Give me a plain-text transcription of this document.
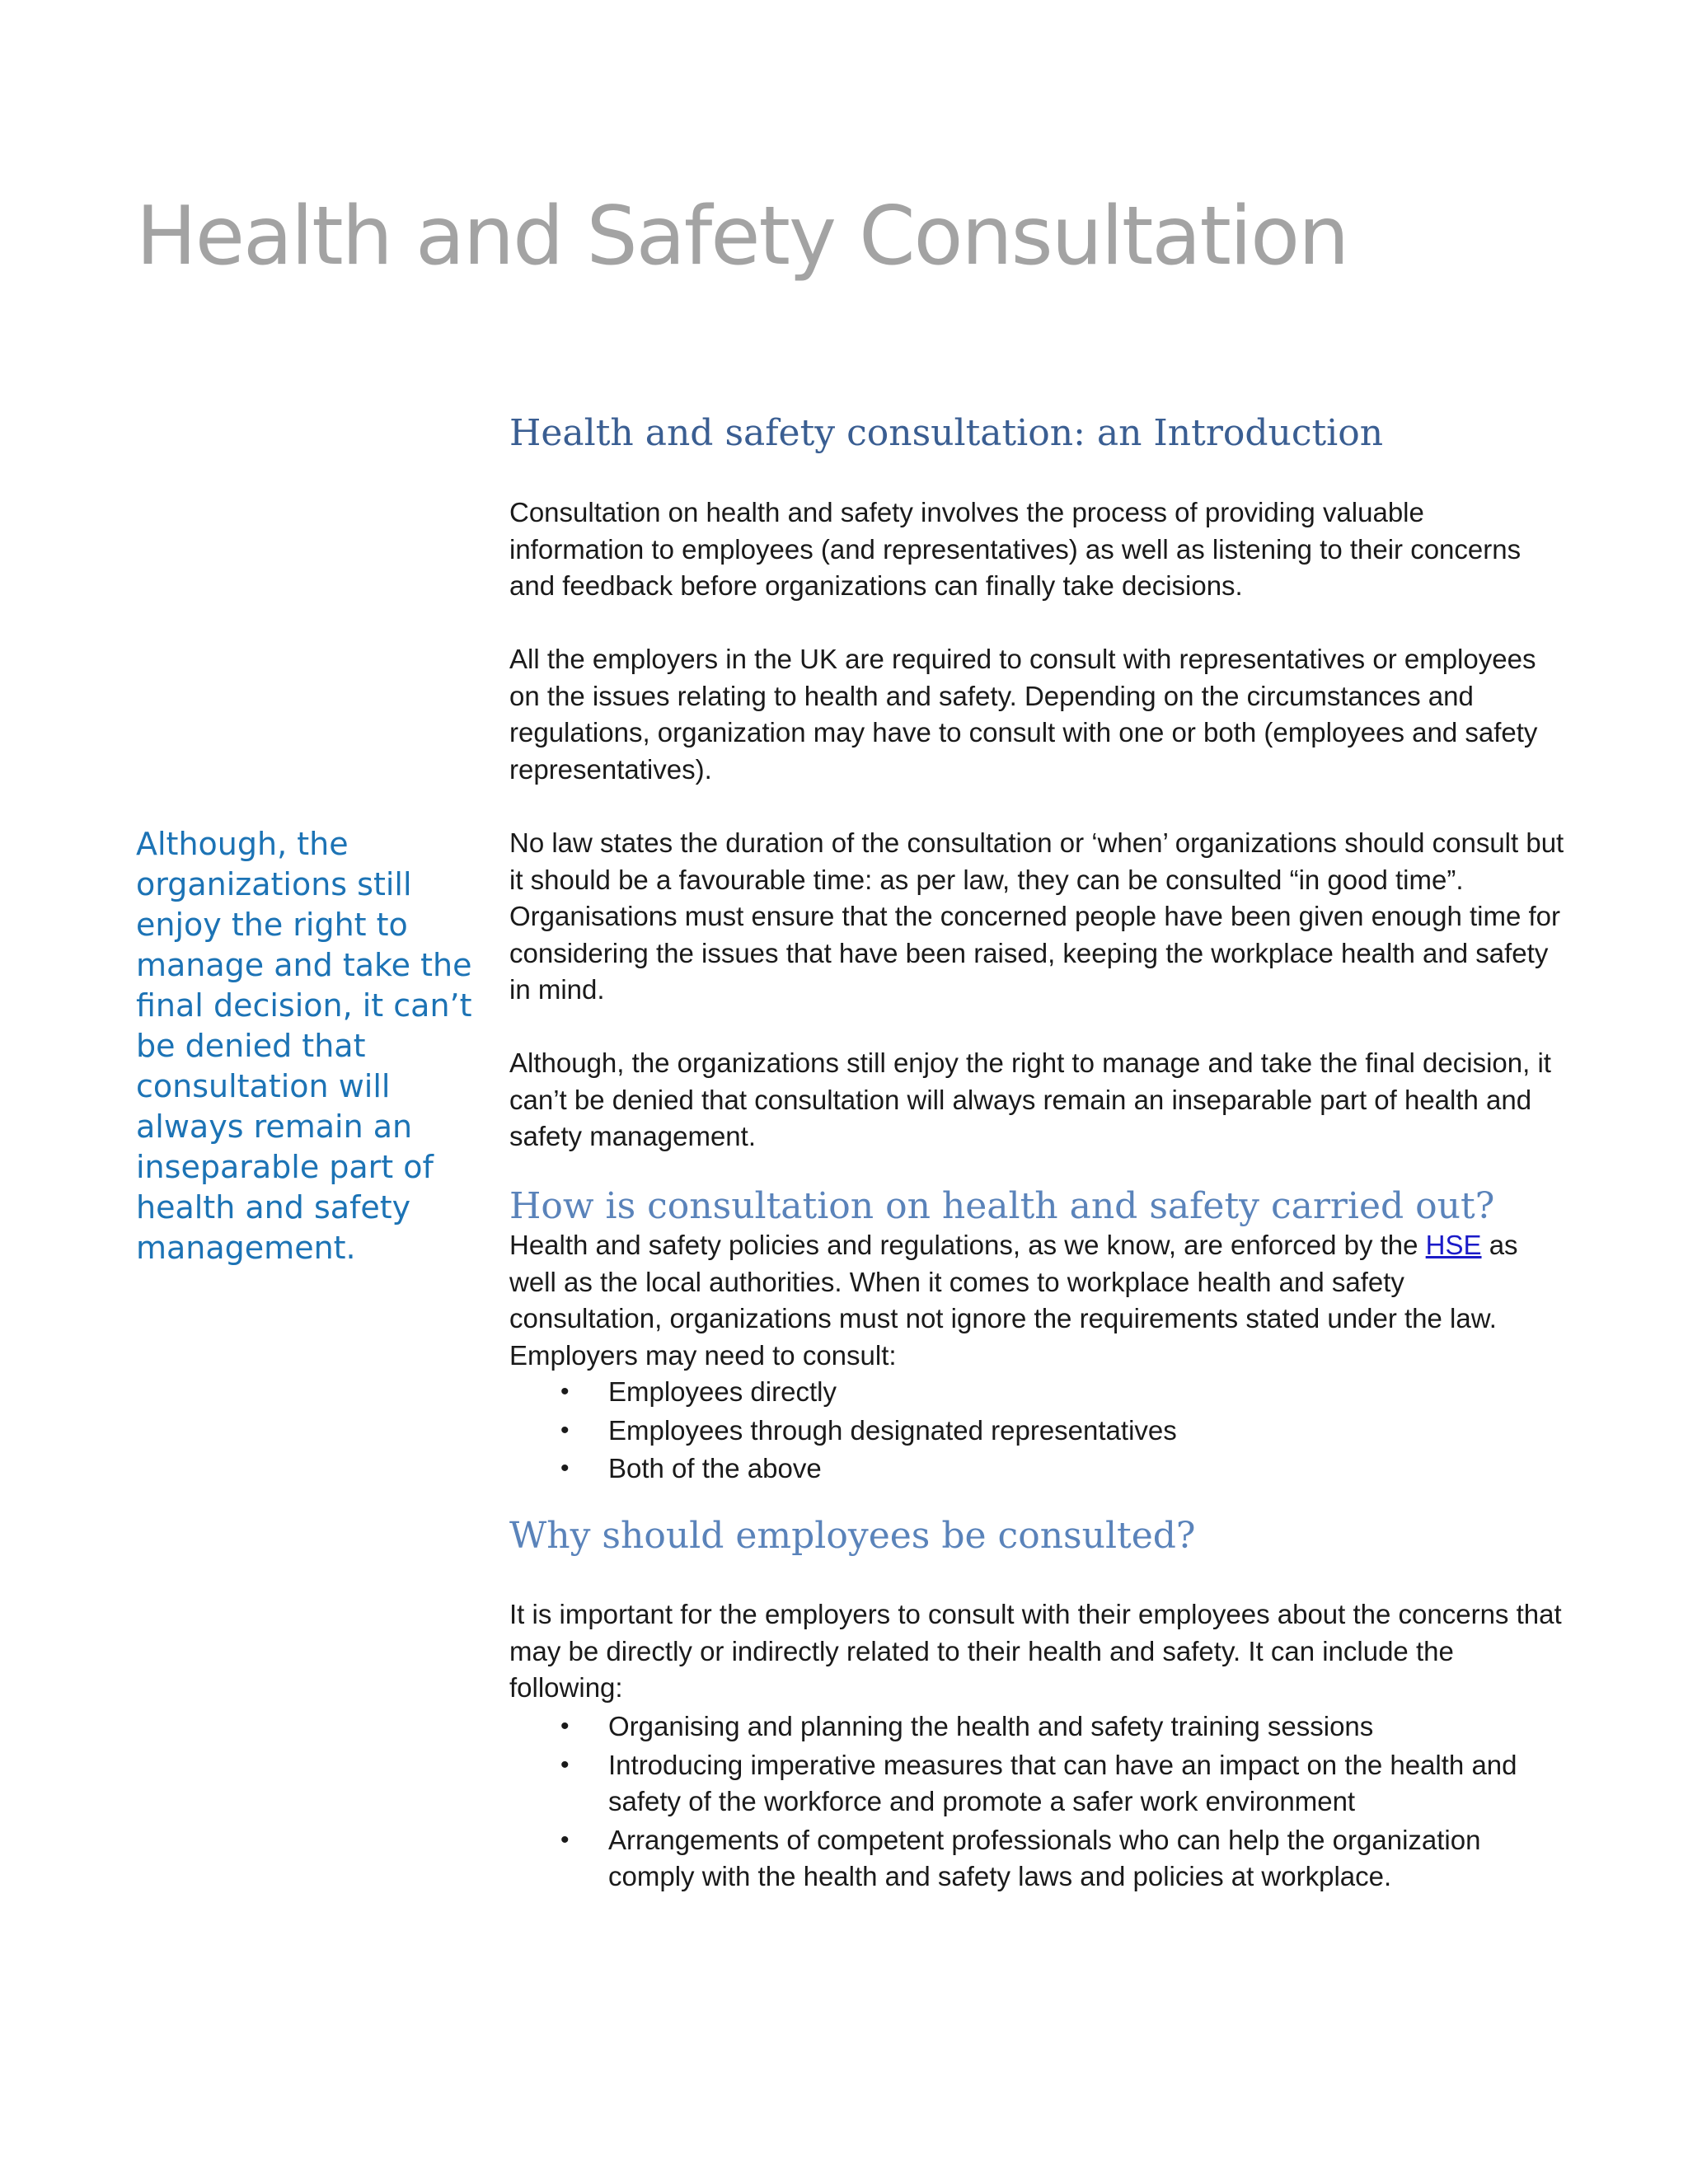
Health and Safety Consultation

Although, the organizations still enjoy the right to manage and take the final decision, it can’t be denied that consultation will always remain an inseparable part of health and safety management.

Health and safety consultation: an Introduction

Consultation on health and safety involves the process of providing valuable information to employees (and representatives) as well as listening to their concerns and feedback before organizations can finally take decisions.

All the employers in the UK are required to consult with representatives or employees on the issues relating to health and safety. Depending on the circumstances and regulations, organization may have to consult with one or both (employees and safety representatives).

No law states the duration of the consultation or ‘when’ organizations should consult but it should be a favourable time: as per law, they can be consulted “in good time”. Organisations must ensure that the concerned people have been given enough time for considering the issues that have been raised, keeping the workplace health and safety in mind.

Although, the organizations still enjoy the right to manage and take the final decision, it can’t be denied that consultation will always remain an inseparable part of health and safety management.

How is consultation on health and safety carried out?

Health and safety policies and regulations, as we know, are enforced by the HSE as well as the local authorities. When it comes to workplace health and safety consultation, organizations must not ignore the requirements stated under the law. Employers may need to consult:

• Employees directly
• Employees through designated representatives
• Both of the above
Why should employees be consulted?

It is important for the employers to consult with their employees about the concerns that may be directly or indirectly related to their health and safety. It can include the following:

• Organising and planning the health and safety training sessions
• Introducing imperative measures that can have an impact on the health and safety of the workforce and promote a safer work environment
• Arrangements of competent professionals who can help the organization comply with the health and safety laws and policies at workplace.
